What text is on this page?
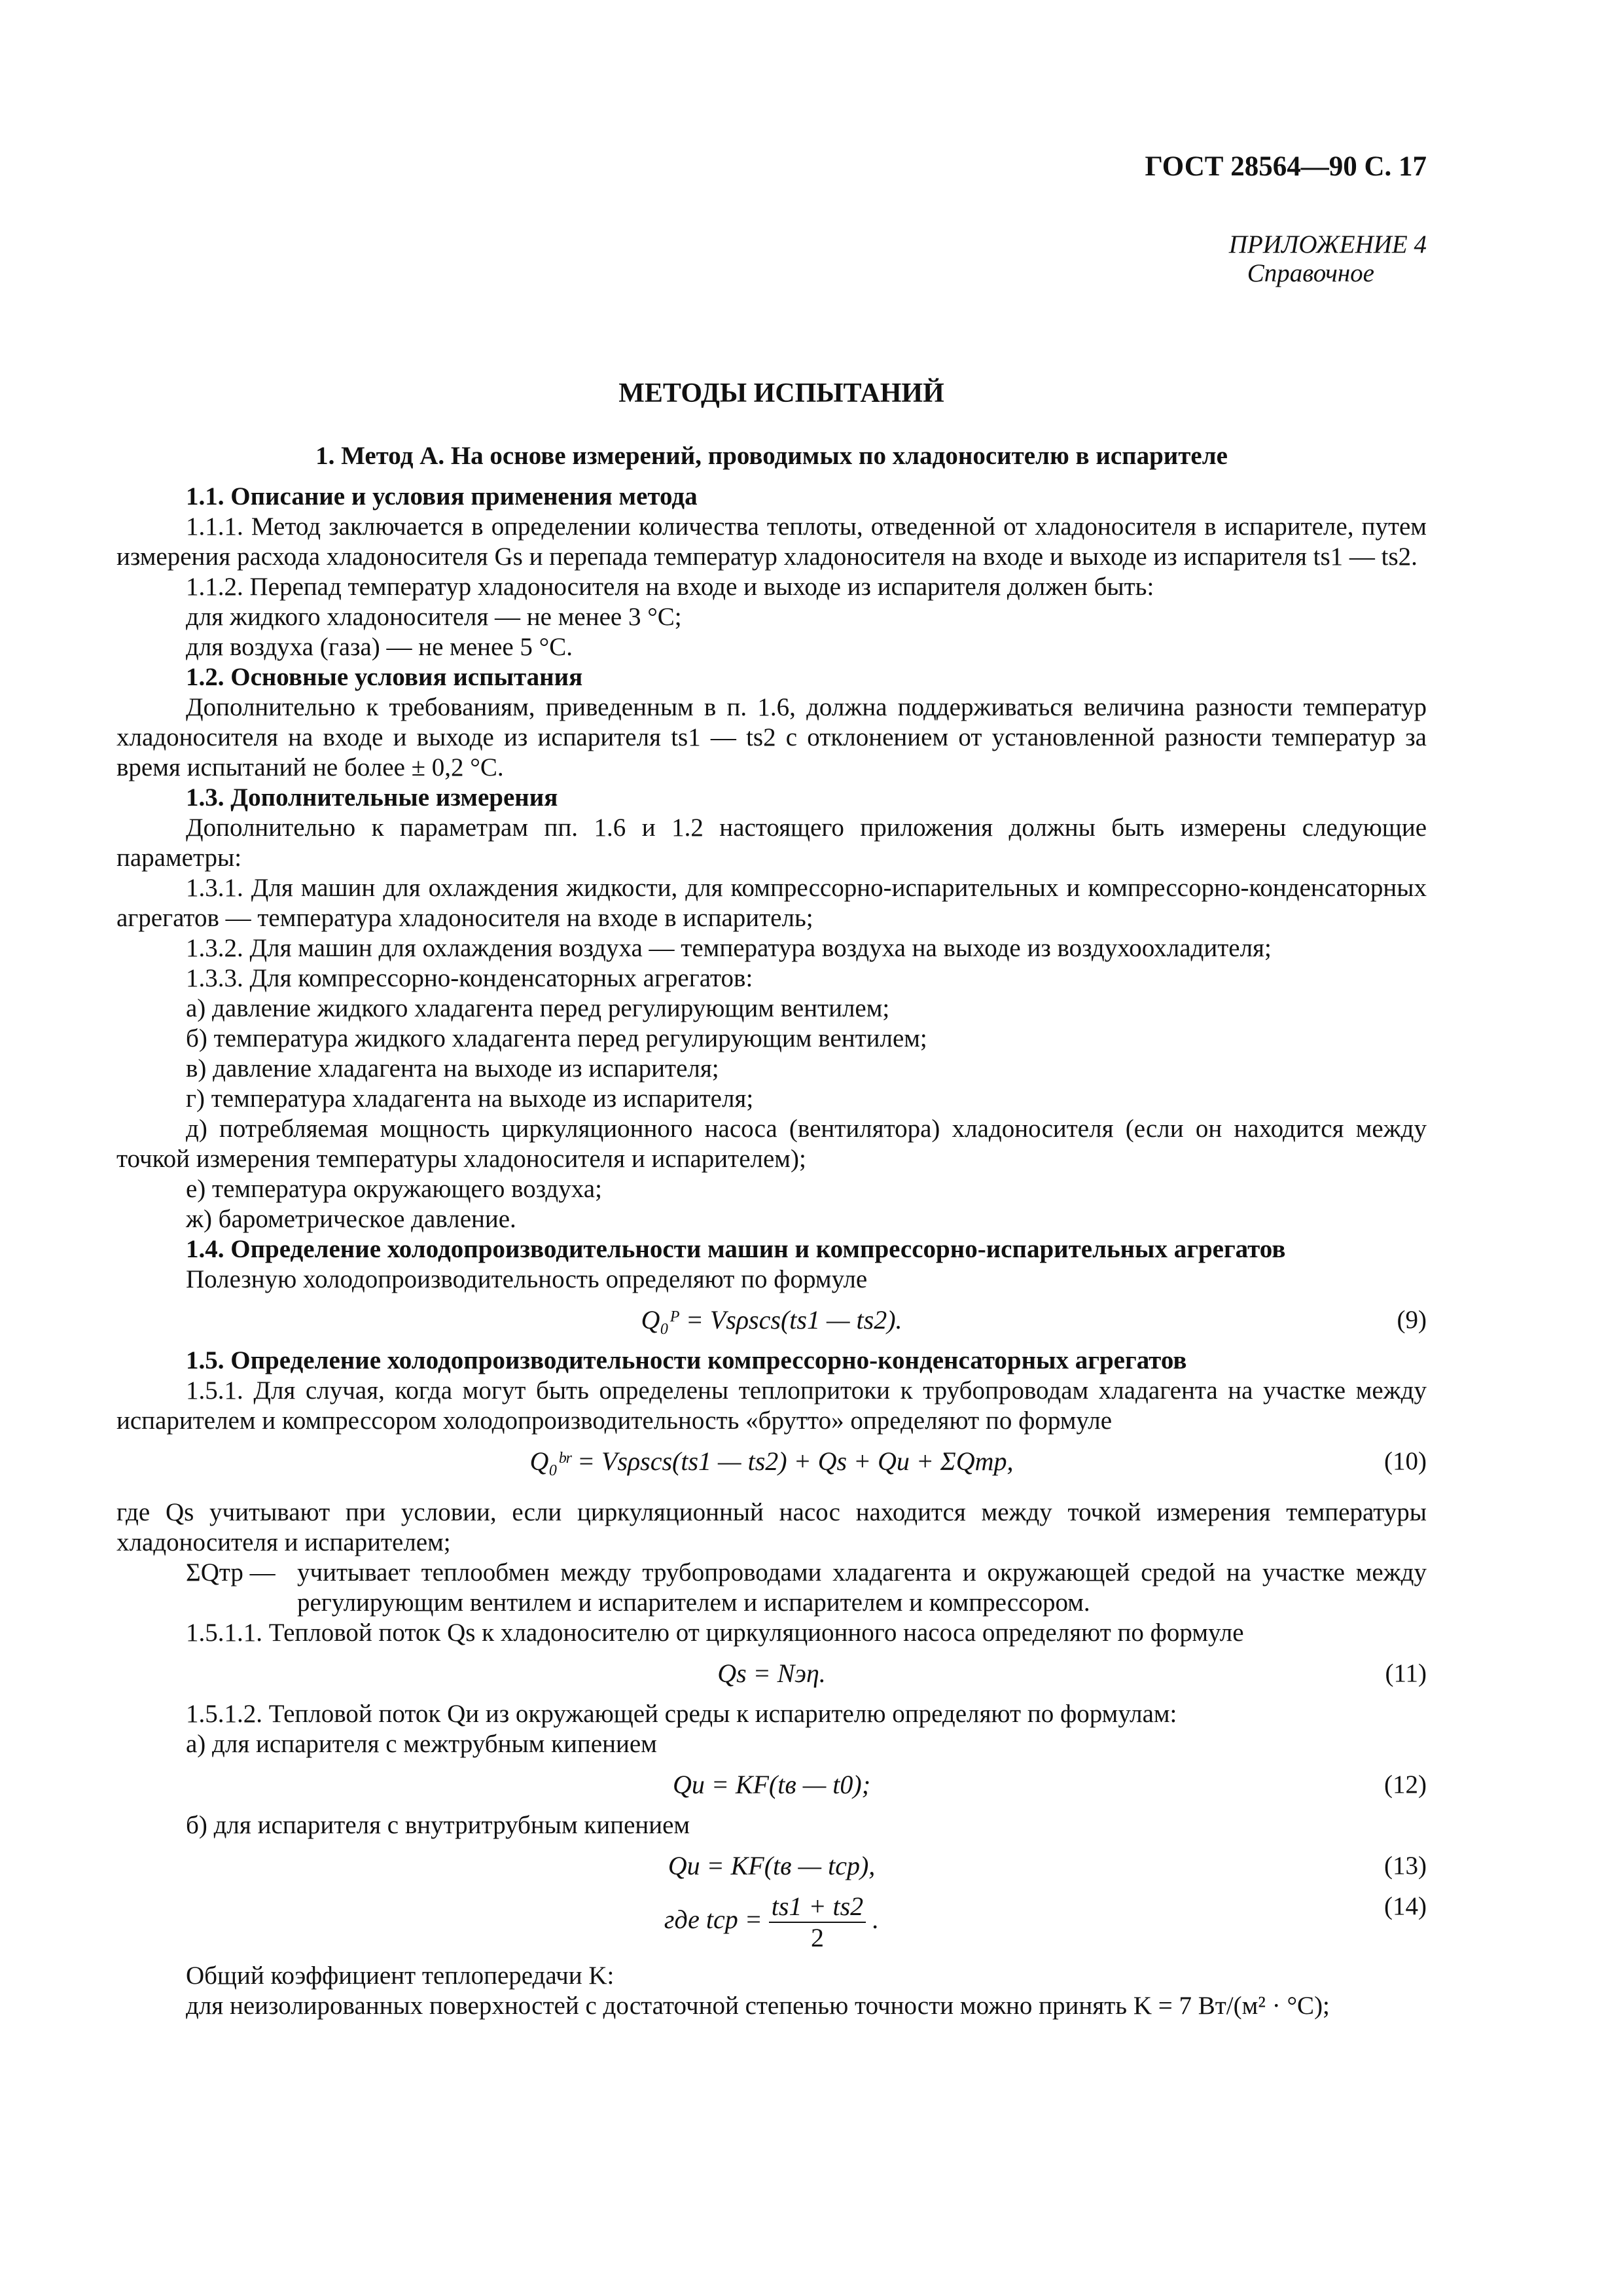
ГОСТ 28564—90 С. 17
ПРИЛОЖЕНИЕ 4
Справочное
МЕТОДЫ ИСПЫТАНИЙ

1. Метод А. На основе измерений, проводимых по хладоносителю в испарителе

1.1. Описание и условия применения метода

1.1.1. Метод заключается в определении количества теплоты, отведенной от хладоносителя в испарителе, путем измерения расхода хладоносителя Gs и перепада температур хладоносителя на входе и выходе из испарителя ts1 — ts2.

1.1.2. Перепад температур хладоносителя на входе и выходе из испарителя должен быть:

для жидкого хладоносителя — не менее 3 °С;

для воздуха (газа) — не менее 5 °С.

1.2. Основные условия испытания

Дополнительно к требованиям, приведенным в п. 1.6, должна поддерживаться величина разности температур хладоносителя на входе и выходе из испарителя ts1 — ts2 с отклонением от установленной разности температур за время испытаний не более ± 0,2 °С.

1.3. Дополнительные измерения

Дополнительно к параметрам пп. 1.6 и 1.2 настоящего приложения должны быть измерены следующие параметры:

1.3.1. Для машин для охлаждения жидкости, для компрессорно-испарительных и компрессорно-конденсаторных агрегатов — температура хладоносителя на входе в испаритель;

1.3.2. Для машин для охлаждения воздуха — температура воздуха на выходе из воздухоохладителя;

1.3.3. Для компрессорно-конденсаторных агрегатов:

а) давление жидкого хладагента перед регулирующим вентилем;

б) температура жидкого хладагента перед регулирующим вентилем;

в) давление хладагента на выходе из испарителя;

г) температура хладагента на выходе из испарителя;

д) потребляемая мощность циркуляционного насоса (вентилятора) хладоносителя (если он находится между точкой измерения температуры хладоносителя и испарителем);

е) температура окружающего воздуха;

ж) барометрическое давление.

1.4. Определение холодопроизводительности машин и компрессорно-испарительных агрегатов

Полезную холодопроизводительность определяют по формуле

Q₀ᴾ = Vsρscs(ts1 — ts2).	(9)

1.5. Определение холодопроизводительности компрессорно-конденсаторных агрегатов

1.5.1. Для случая, когда могут быть определены теплопритоки к трубопроводам хладагента на участке между испарителем и компрессором холодопроизводительность «брутто» определяют по формуле

Q₀ᵇʳ = Vsρscs(ts1 — ts2) + Qs + Qи + ΣQтр,	(10)

где Qs учитывают при условии, если циркуляционный насос находится между точкой измерения температуры хладоносителя и испарителем;

ΣQтр — учитывает теплообмен между трубопроводами хладагента и окружающей средой на участке между регулирующим вентилем и испарителем и испарителем и компрессором.

1.5.1.1. Тепловой поток Qs к хладоносителю от циркуляционного насоса определяют по формуле

Qs = Nэη.	(11)

1.5.1.2. Тепловой поток Qи из окружающей среды к испарителю определяют по формулам:

а) для испарителя с межтрубным кипением

Qи = KF(tв — t0);	(12)

б) для испарителя с внутритрубным кипением

Qи = KF(tв — tср),	(13)
где tср = $\frac{ts1 + ts2}{2}$ .	(14)

Общий коэффициент теплопередачи K:

для неизолированных поверхностей с достаточной степенью точности можно принять K = 7 Вт/(м² · °С);
